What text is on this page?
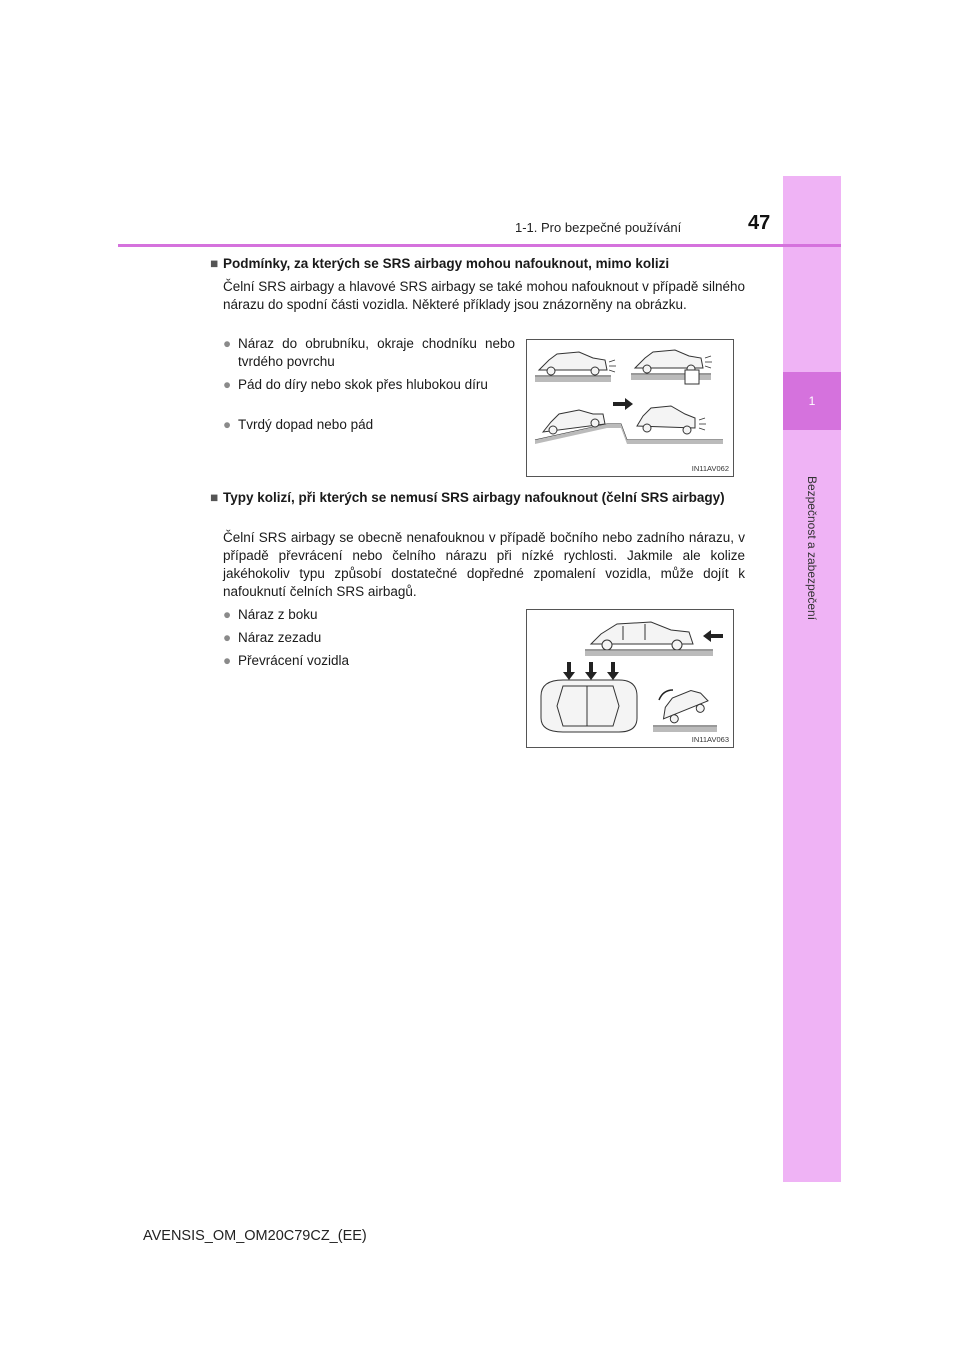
1
Bezpečnost a zabezpečení
1-1. Pro bezpečné používání	47
■ Podmínky, za kterých se SRS airbagy mohou nafouknout, mimo kolizi
Čelní SRS airbagy a hlavové SRS airbagy se také mohou nafouknout v případě silného nárazu do spodní části vozidla. Některé příklady jsou znázorněny na obrázku.
● Náraz do obrubníku, okraje chodníku nebo tvrdého povrchu
● Pád do díry nebo skok přes hlubokou díru
● Tvrdý dopad nebo pád
IN11AV062
■ Typy kolizí, při kterých se nemusí SRS airbagy nafouknout (čelní SRS airbagy)
Čelní SRS airbagy se obecně nenafouknou v případě bočního nebo zadního nárazu, v případě převrácení nebo čelního nárazu při nízké rychlosti. Jakmile ale kolize jakéhokoliv typu způsobí dostatečné dopředné zpomalení vozidla, může dojít k nafouknutí čelních SRS airbagů.
● Náraz z boku
● Náraz zezadu
● Převrácení vozidla
IN11AV063
AVENSIS_OM_OM20C79CZ_(EE)
